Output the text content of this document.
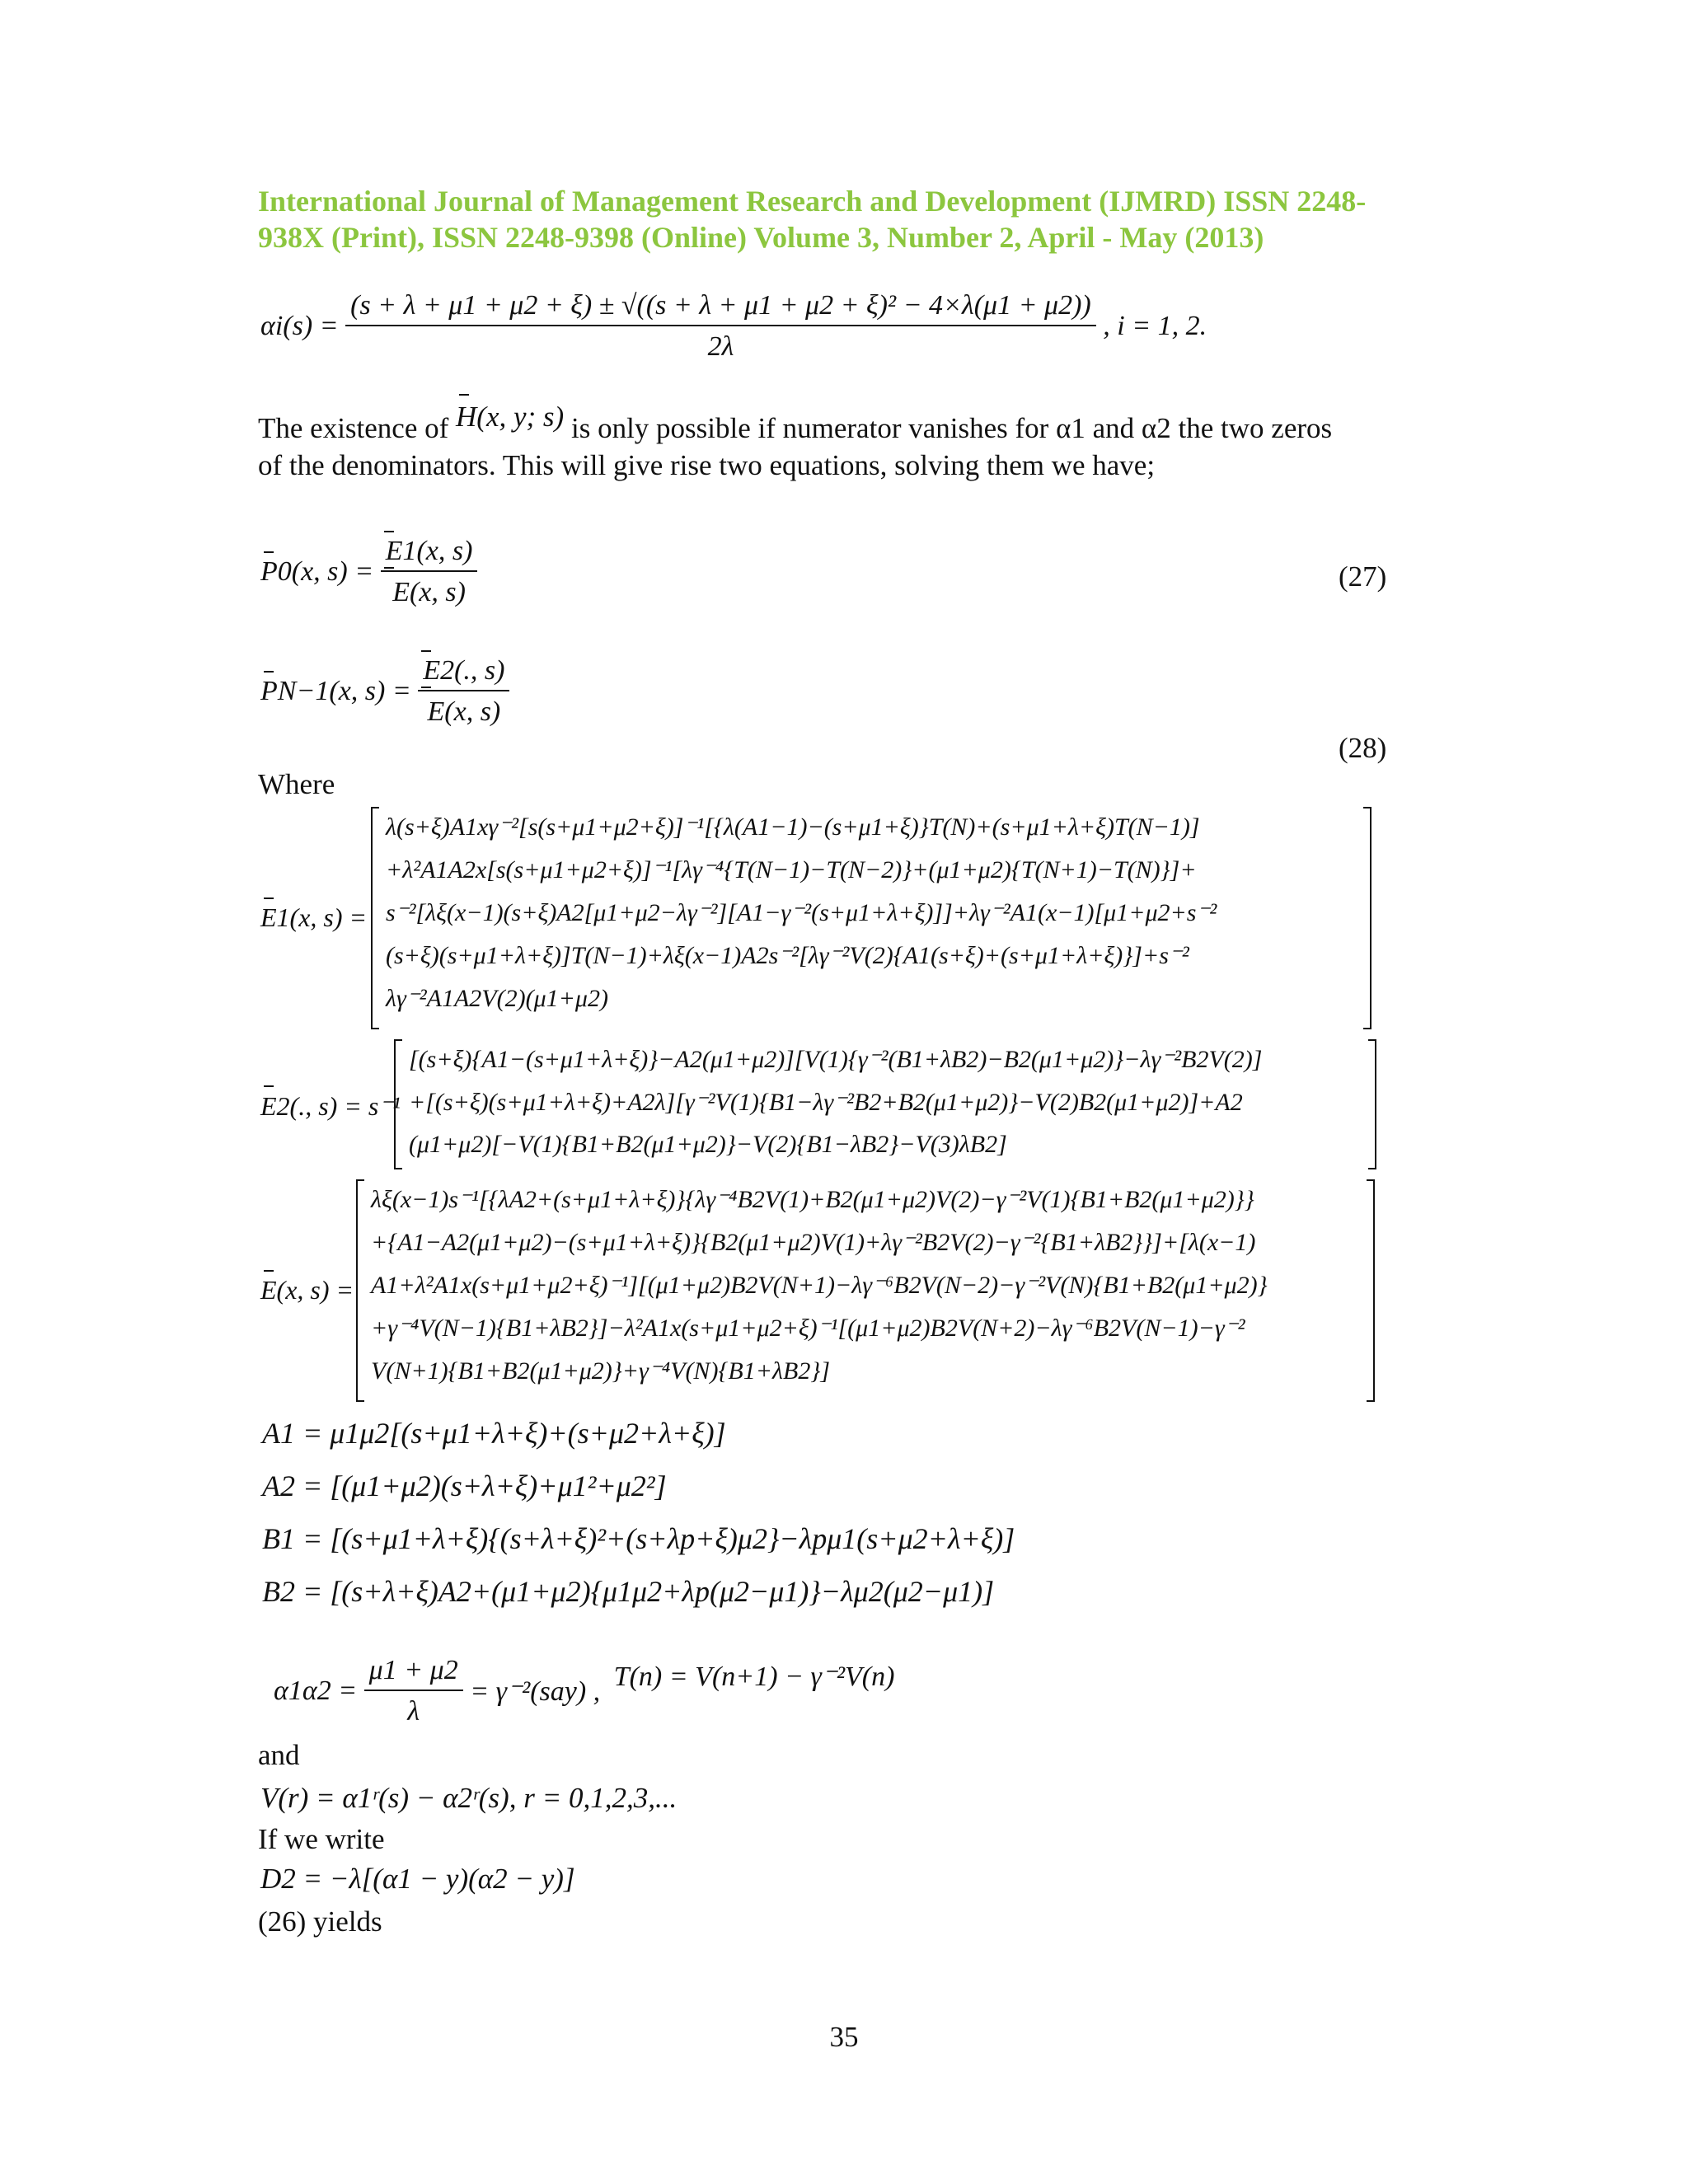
International Journal of Management Research and Development (IJMRD) ISSN 2248-
938X (Print), ISSN 2248-9398 (Online) Volume 3, Number 2, April - May (2013)
αi(s) =
(s + λ + μ1 + μ2 + ξ) ± √((s + λ + μ1 + μ2 + ξ)² − 4×λ(μ1 + μ2))
2λ
, i = 1, 2.
The existence of H(x, y; s) is only possible if numerator vanishes for α1 and α2 the two zeros
of the denominators. This will give rise two equations, solving them we have;
P0(x, $s) = \frac{E1(x, s)}{E(x, s)}$	(27)
PN−1(x, $s) = \frac{E2(., s)}{E(x, s)}$
(28)
Where
E1(x, s) =
λ(s+ξ)A1xγ⁻²[s(s+μ1+μ2+ξ)]⁻¹[{λ(A1−1)−(s+μ1+ξ)}T(N)+(s+μ1+λ+ξ)T(N−1)]
+λ²A1A2x[s(s+μ1+μ2+ξ)]⁻¹[λγ⁻⁴{T(N−1)−T(N−2)}+(μ1+μ2){T(N+1)−T(N)}]+
s⁻²[λξ(x−1)(s+ξ)A2[μ1+μ2−λγ⁻²][A1−γ⁻²(s+μ1+λ+ξ)]]+λγ⁻²A1(x−1)[μ1+μ2+s⁻²
(s+ξ)(s+μ1+λ+ξ)]T(N−1)+λξ(x−1)A2s⁻²[λγ⁻²V(2){A1(s+ξ)+(s+μ1+λ+ξ)}]+s⁻²
λγ⁻²A1A2V(2)(μ1+μ2)
E2(., s) = s⁻¹
[(s+ξ){A1−(s+μ1+λ+ξ)}−A2(μ1+μ2)][V(1){γ⁻²(B1+λB2)−B2(μ1+μ2)}−λγ⁻²B2V(2)]
+[(s+ξ)(s+μ1+λ+ξ)+A2λ][γ⁻²V(1){B1−λγ⁻²B2+B2(μ1+μ2)}−V(2)B2(μ1+μ2)]+A2
(μ1+μ2)[−V(1){B1+B2(μ1+μ2)}−V(2){B1−λB2}−V(3)λB2]
E(x, s) =
λξ(x−1)s⁻¹[{λA2+(s+μ1+λ+ξ)}{λγ⁻⁴B2V(1)+B2(μ1+μ2)V(2)−γ⁻²V(1){B1+B2(μ1+μ2)}}
+{A1−A2(μ1+μ2)−(s+μ1+λ+ξ)}{B2(μ1+μ2)V(1)+λγ⁻²B2V(2)−γ⁻²{B1+λB2}}]+[λ(x−1)
A1+λ²A1x(s+μ1+μ2+ξ)⁻¹][(μ1+μ2)B2V(N+1)−λγ⁻⁶B2V(N−2)−γ⁻²V(N){B1+B2(μ1+μ2)}
+γ⁻⁴V(N−1){B1+λB2}]−λ²A1x(s+μ1+μ2+ξ)⁻¹[(μ1+μ2)B2V(N+2)−λγ⁻⁶B2V(N−1)−γ⁻²
V(N+1){B1+B2(μ1+μ2)}+γ⁻⁴V(N){B1+λB2}]
A1 = μ1μ2[(s+μ1+λ+ξ)+(s+μ2+λ+ξ)]
A2 = [(μ1+μ2)(s+λ+ξ)+μ1²+μ2²]
B1 = [(s+μ1+λ+ξ){(s+λ+ξ)²+(s+λp+ξ)μ2}−λpμ1(s+μ2+λ+ξ)]
B2 = [(s+λ+ξ)A2+(μ1+μ2){μ1μ2+λp(μ2−μ1)}−λμ2(μ2−μ1)]
$\alpha 1\alpha 2 = \frac{\mu 1 + \mu 2}{\lambda} = \gamma^{-2}(say)$ , T(n) = V(n+1) − γ⁻²V(n)
and
V(r) = α1ʳ(s) − α2ʳ(s), r = 0,1,2,3,...
If we write
D2 = −λ[(α1 − y)(α2 − y)]
(26) yields
35
